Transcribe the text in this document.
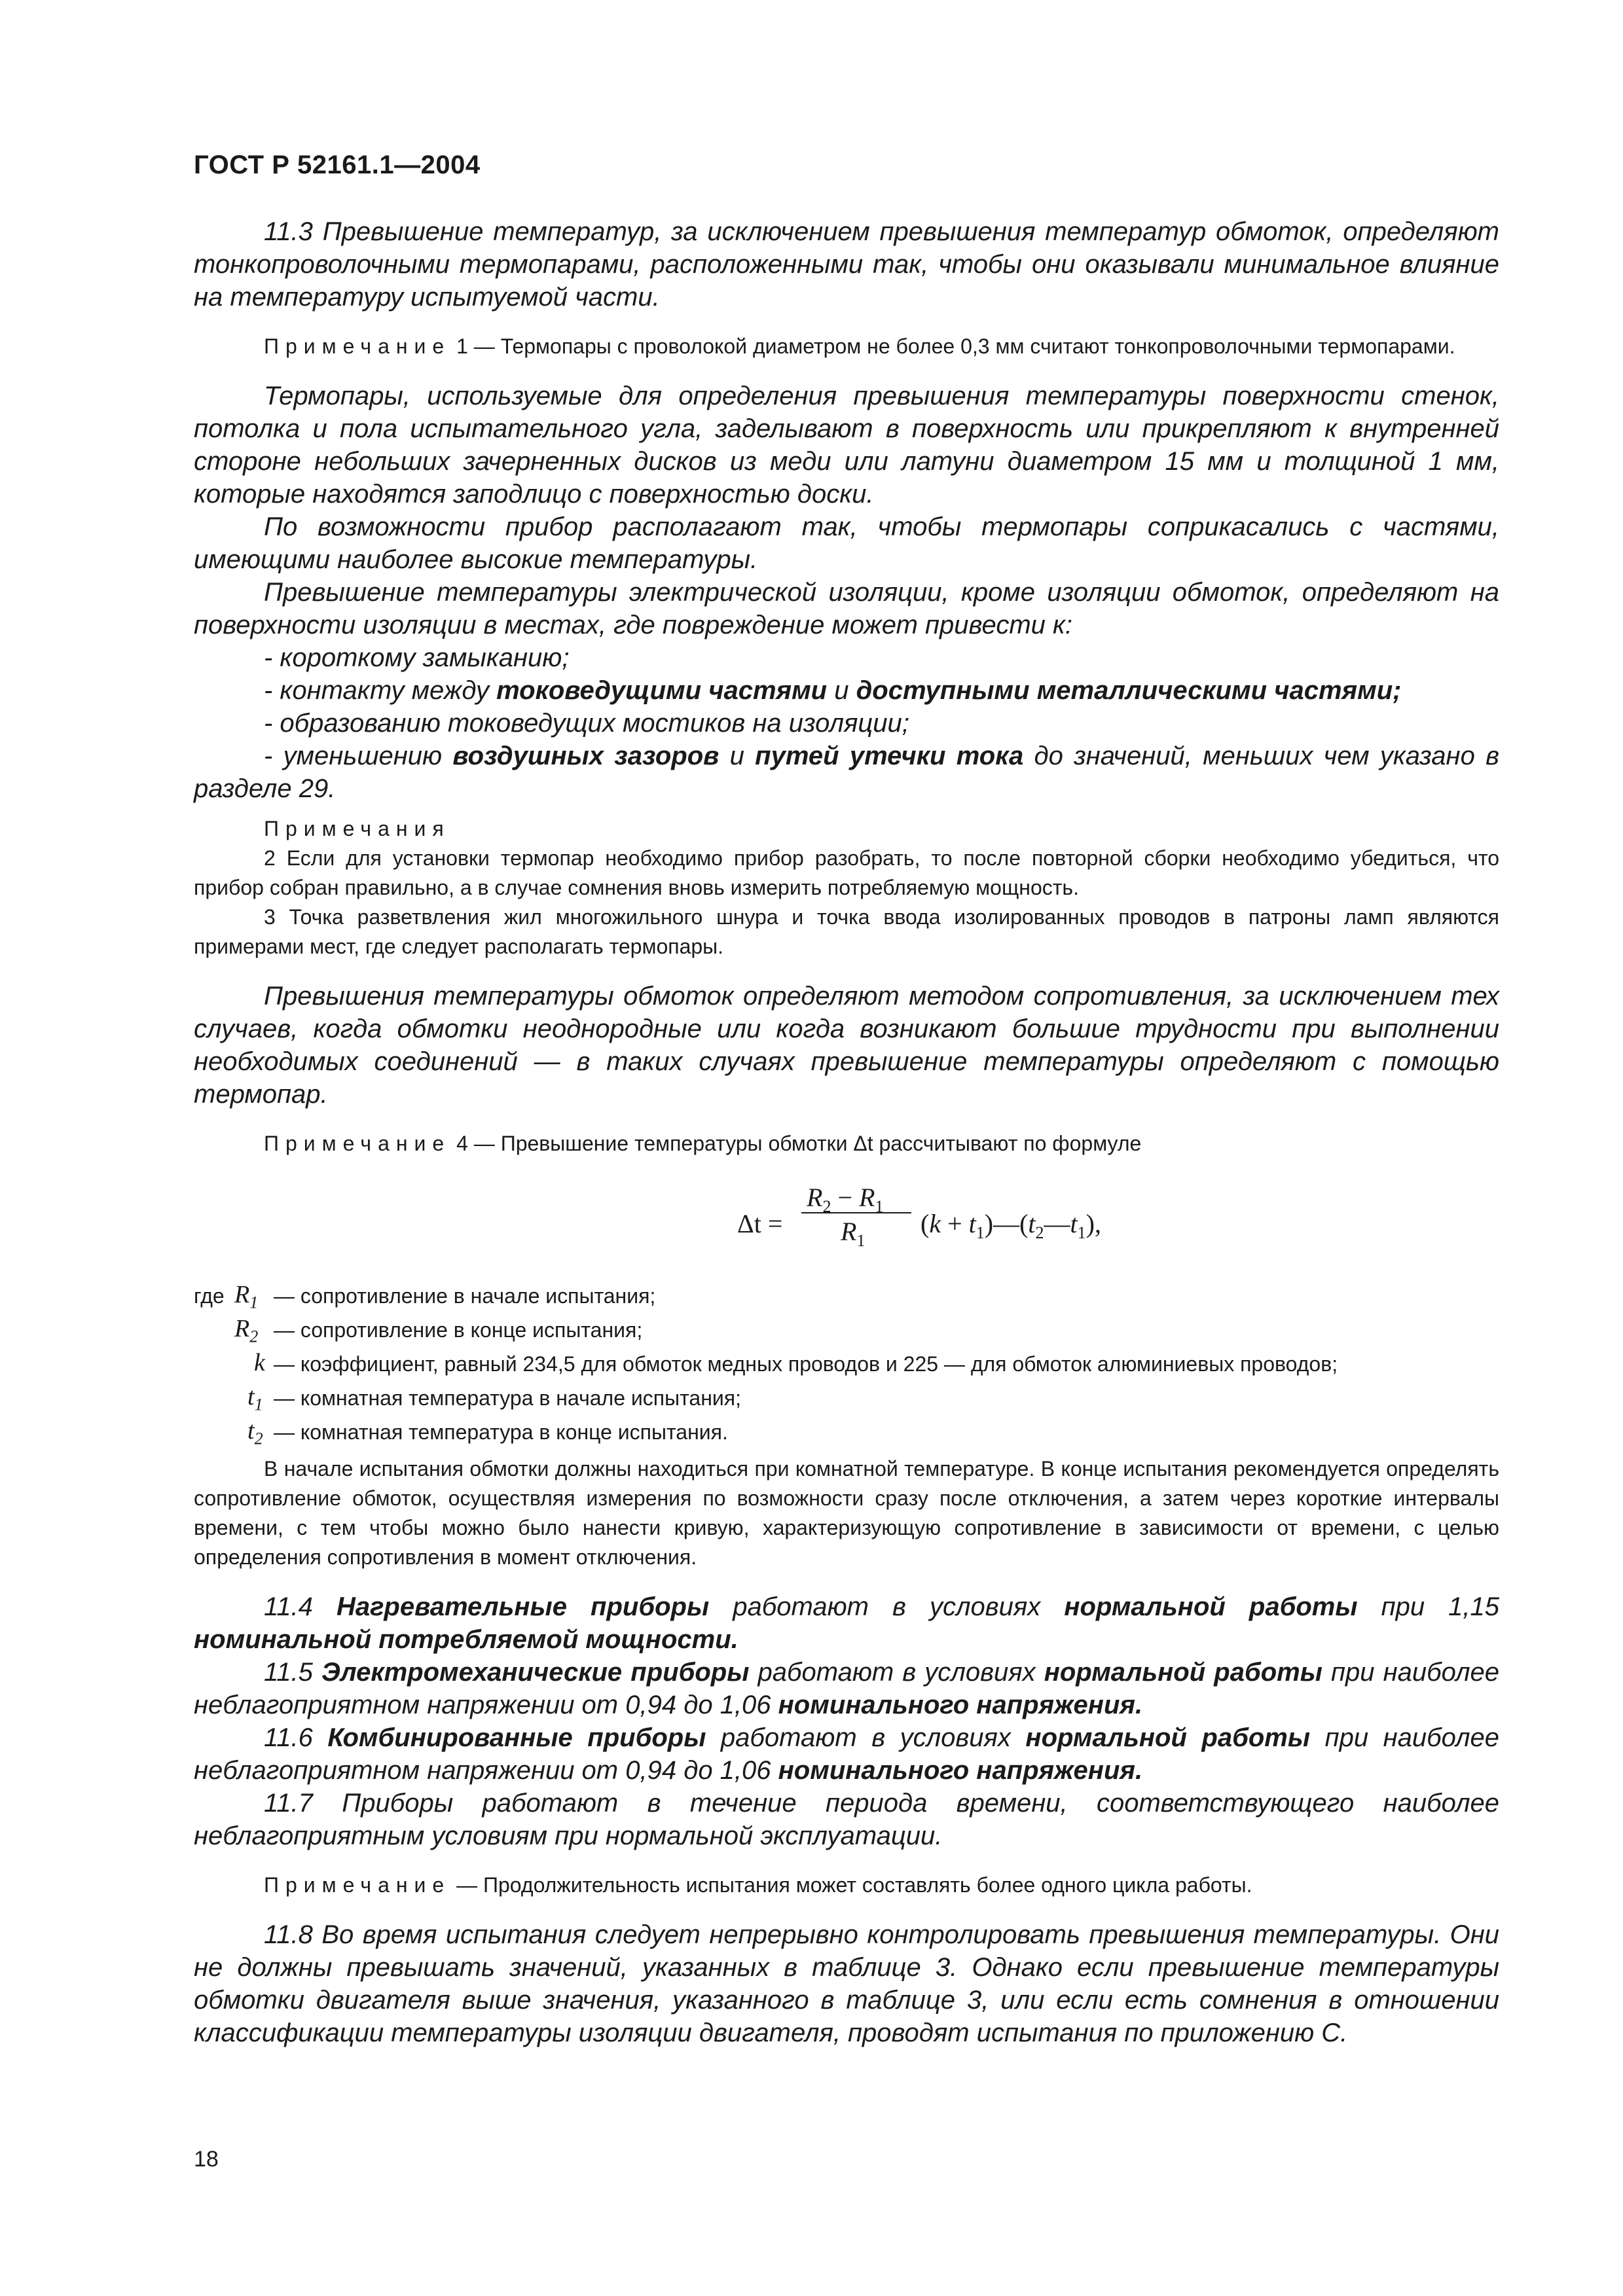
ГОСТ Р 52161.1—2004

11.3 Превышение температур, за исключением превышения температур обмоток, определяют тонкопроволочными термопарами, расположенными так, чтобы они оказывали минимальное влияние на температуру испытуемой части.

Примечание 1 — Термопары с проволокой диаметром не более 0,3 мм считают тонкопроволочными термопарами.

Термопары, используемые для определения превышения температуры поверхности стенок, потолка и пола испытательного угла, заделывают в поверхность или прикрепляют к внутренней стороне небольших зачерненных дисков из меди или латуни диаметром 15 мм и толщиной 1 мм, которые находятся заподлицо с поверхностью доски.

По возможности прибор располагают так, чтобы термопары соприкасались с частями, имеющими наиболее высокие температуры.

Превышение температуры электрической изоляции, кроме изоляции обмоток, определяют на поверхности изоляции в местах, где повреждение может привести к:

- короткому замыканию;

- контакту между токоведущими частями и доступными металлическими частями;

- образованию токоведущих мостиков на изоляции;

- уменьшению воздушных зазоров и путей утечки тока до значений, меньших чем указано в разделе 29.

Примечания

2 Если для установки термопар необходимо прибор разобрать, то после повторной сборки необходимо убедиться, что прибор собран правильно, а в случае сомнения вновь измерить потребляемую мощность.

3 Точка разветвления жил многожильного шнура и точка ввода изолированных проводов в патроны ламп являются примерами мест, где следует располагать термопары.

Превышения температуры обмоток определяют методом сопротивления, за исключением тех случаев, когда обмотки неоднородные или когда возникают большие трудности при выполнении необходимых соединений — в таких случаях превышение температуры определяют с помощью термопар.

Примечание 4 — Превышение температуры обмотки Δt рассчитывают по формуле

Δt =
$R_2 - R_1$
$R_1$
$(k + t_1)—(t_2—t_1)$,
где $R_1$ — сопротивление в начале испытания;
$R_2$ — сопротивление в конце испытания;
k — коэффициент, равный 234,5 для обмоток медных проводов и 225 — для обмоток алюминиевых проводов;
$t_1$ — комнатная температура в начале испытания;
$t_2$ — комнатная температура в конце испытания.

В начале испытания обмотки должны находиться при комнатной температуре. В конце испытания рекомендуется определять сопротивление обмоток, осуществляя измерения по возможности сразу после отключения, а затем через короткие интервалы времени, с тем чтобы можно было нанести кривую, характеризующую сопротивление в зависимости от времени, с целью определения сопротивления в момент отключения.

11.4 Нагревательные приборы работают в условиях нормальной работы при 1,15 номинальной потребляемой мощности.

11.5 Электромеханические приборы работают в условиях нормальной работы при наиболее неблагоприятном напряжении от 0,94 до 1,06 номинального напряжения.

11.6 Комбинированные приборы работают в условиях нормальной работы при наиболее неблагоприятном напряжении от 0,94 до 1,06 номинального напряжения.

11.7 Приборы работают в течение периода времени, соответствующего наиболее неблагоприятным условиям при нормальной эксплуатации.

Примечание — Продолжительность испытания может составлять более одного цикла работы.

11.8 Во время испытания следует непрерывно контролировать превышения температуры. Они не должны превышать значений, указанных в таблице 3. Однако если превышение температуры обмотки двигателя выше значения, указанного в таблице 3, или если есть сомнения в отношении классификации температуры изоляции двигателя, проводят испытания по приложению С.

18
